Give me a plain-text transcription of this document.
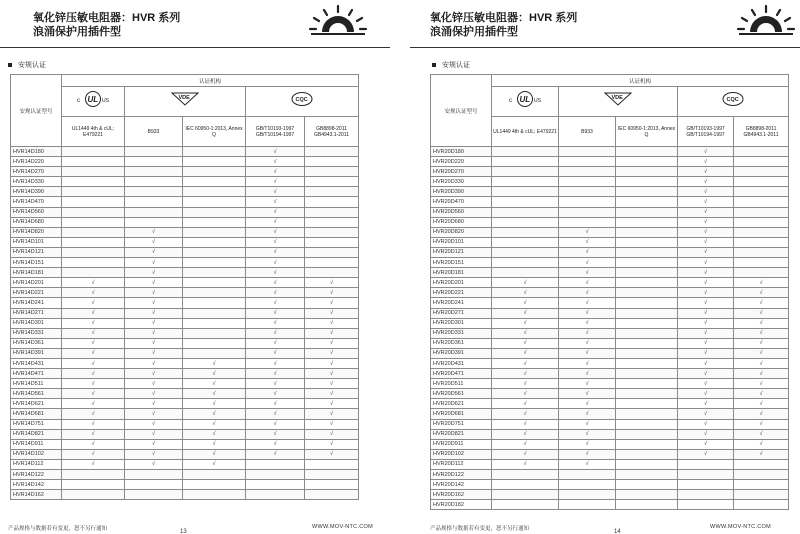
氧化锌压敏电阻器：HVR 系列
浪涌保护用插件型
安规认证
安规认证型号	认证机构				

c UL US	VDE		CQC	

	UL1449 4th & cUL; E479221	B933	IEC 60950-1:2013, Annex Q	GB/T10193-1997 GB/T10194-1997	GB8898-2011 GB4943.1-2011
HVR14D180				√	
HVR14D220				√	
HVR14D270				√	
HVR14D330				√	
HVR14D390				√	
HVR14D470				√	
HVR14D560				√	
HVR14D680				√	
HVR14D820		√		√	
HVR14D101		√		√	
HVR14D121		√		√	
HVR14D151		√		√	
HVR14D181		√		√	
HVR14D201	√	√		√	√
HVR14D221	√	√		√	√
HVR14D241	√	√		√	√
HVR14D271	√	√		√	√
HVR14D301	√	√		√	√
HVR14D331	√	√		√	√
HVR14D361	√	√		√	√
HVR14D391	√	√		√	√
HVR14D431	√	√	√	√	√
HVR14D471	√	√	√	√	√
HVR14D511	√	√	√	√	√
HVR14D561	√	√	√	√	√
HVR14D621	√	√	√	√	√
HVR14D681	√	√	√	√	√
HVR14D751	√	√	√	√	√
HVR14D821	√	√	√	√	√
HVR14D911	√	√	√	√	√
HVR14D102	√	√	√	√	√
HVR14D112	√	√	√		
HVR14D122					
HVR14D142					
HVR14D162					
产品规格与数据若有变更，恕不另行通知	13
WWW.MOV-NTC.COM
氧化锌压敏电阻器：HVR 系列
浪涌保护用插件型
安规认证
安规认证型号	认证机构				

c UL US	VDE		CQC	

	UL1449 4th & cUL; E479221	B933	IEC 60950-1:2013, Annex Q	GB/T10193-1997 GB/T10194-1997	GB8898-2011 GB4943.1-2011
HVR20D180				√	
HVR20D220				√	
HVR20D270				√	
HVR20D330				√	
HVR20D390				√	
HVR20D470				√	
HVR20D560				√	
HVR20D680				√	
HVR20D820		√		√	
HVR20D101		√		√	
HVR20D121		√		√	
HVR20D151		√		√	
HVR20D181		√		√	
HVR20D201	√	√		√	√
HVR20D221	√	√		√	√
HVR20D241	√	√		√	√
HVR20D271	√	√		√	√
HVR20D301	√	√		√	√
HVR20D331	√	√		√	√
HVR20D361	√	√		√	√
HVR20D391	√	√		√	√
HVR20D431	√	√		√	√
HVR20D471	√	√		√	√
HVR20D511	√	√		√	√
HVR20D561	√	√		√	√
HVR20D621	√	√		√	√
HVR20D681	√	√		√	√
HVR20D751	√	√		√	√
HVR20D821	√	√		√	√
HVR20D911	√	√		√	√
HVR20D102	√	√		√	√
HVR20D112	√	√			
HVR20D122					
HVR20D142					
HVR20D162					
HVR20D182					
产品规格与数据若有变更，恕不另行通知	14
WWW.MOV-NTC.COM
